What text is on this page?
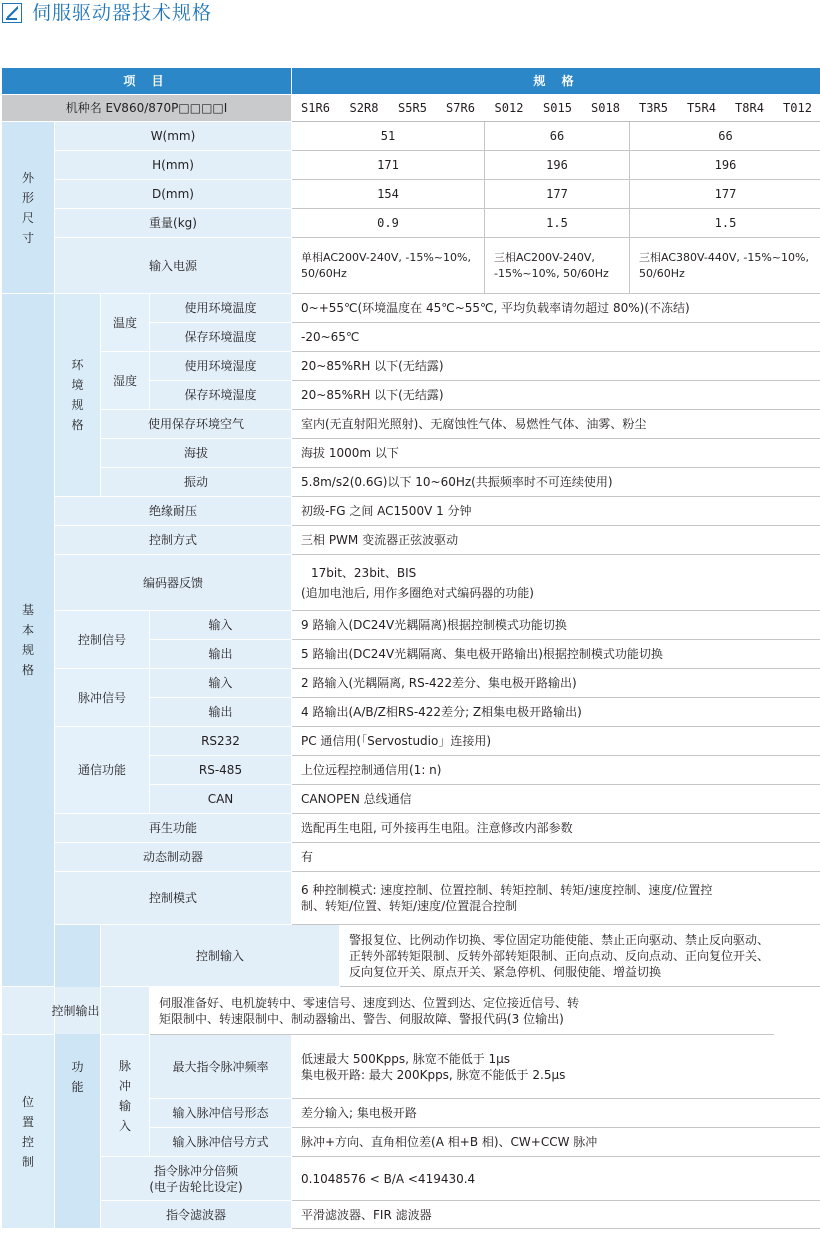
伺服驱动器技术规格
项 目				规 格										
机种名 EV860/870P□□□□Ⅰ				S1R6	S2R8	S5R5	S7R6	S012	S015	S018	T3R5	T5R4	T8R4	T012

外形尺寸	W(mm)			51				66			66			
	H(mm)			171				196			196			
	D(mm)			154				177			177			
	重量(kg)			0.9				1.5			1.5			
	输入电源			单相AC200V-240V, -15%~10%, 50/60Hz				三相AC200V-240V, -15%~10%, 50/60Hz			三相AC380V-440V, -15%~10%, 50/60Hz			

基本规格	环境规格	温度	使用环境温度	0~+55℃(环境温度在 45℃~55℃, 平均负载率请勿超过 80%)(不冻结)										
			保存环境温度	-20~65℃										
		湿度	使用环境湿度	20~85%RH 以下(无结露)										
			保存环境湿度	20~85%RH 以下(无结露)										
		使用保存环境空气		室内(无直射阳光照射)、无腐蚀性气体、易燃性气体、油雾、粉尘										
		海拔		海拔 1000m 以下										
		振动		5.8m/s2(0.6G)以下 10~60Hz(共振频率时不可连续使用)										
	绝缘耐压			初级-FG 之间 AC1500V 1 分钟										
	控制方式			三相 PWM 变流器正弦波驱动										
	编码器反馈			17bit、23bit、BIS
(追加电池后, 用作多圈绝对式编码器的功能)										

	控制信号		输入	9 路输入(DC24V光耦隔离)根据控制模式功能切换										
			输出	5 路输出(DC24V光耦隔离、集电极开路输出)根据控制模式功能切换										
	脉冲信号		输入	2 路输入(光耦隔离, RS-422差分、集电极开路输出)										
			输出	4 路输出(A/B/Z相RS-422差分; Z相集电极开路输出)										
	通信功能		RS232	PC 通信用(「Servostudio」连接用)										
			RS-485	上位远程控制通信用(1: n)										
			CAN	CANOPEN 总线通信										
	再生功能			选配再生电阻, 可外接再生电阻。注意修改内部参数										
	动态制动器			有										
	控制模式			6 种控制模式: 速度控制、位置控制、转矩控制、转矩/速度控制、速度/位置控
制、转矩/位置、转矩/速度/位置混合控制										

	功能	控制输入			警报复位、比例动作切换、零位固定功能使能、禁止正向驱动、禁止反向驱动、
正转外部转矩限制、反转外部转矩限制、正向点动、反向点动、正向复位开关、
反向复位开关、原点开关、紧急停机、伺服使能、增益切换									

控制输出			伺服准备好、电机旋转中、零速信号、速度到达、位置到达、定位接近信号、转
矩限制中、转速限制中、制动器输出、警告、伺服故障、警报代码(3 位输出)											

位置控制		脉冲输入	最大指令脉冲频率	低速最大 500Kpps, 脉宽不能低于 1μs
集电极开路: 最大 200Kpps, 脉宽不能低于 2.5μs										

			输入脉冲信号形态	差分输入; 集电极开路										
			输入脉冲信号方式	脉冲+方向、直角相位差(A 相+B 相)、CW+CCW 脉冲										

		指令脉冲分倍频
(电子齿轮比设定)		0.1048576 < B/A <419430.4										
		指令滤波器		平滑滤波器、FIR 滤波器										
